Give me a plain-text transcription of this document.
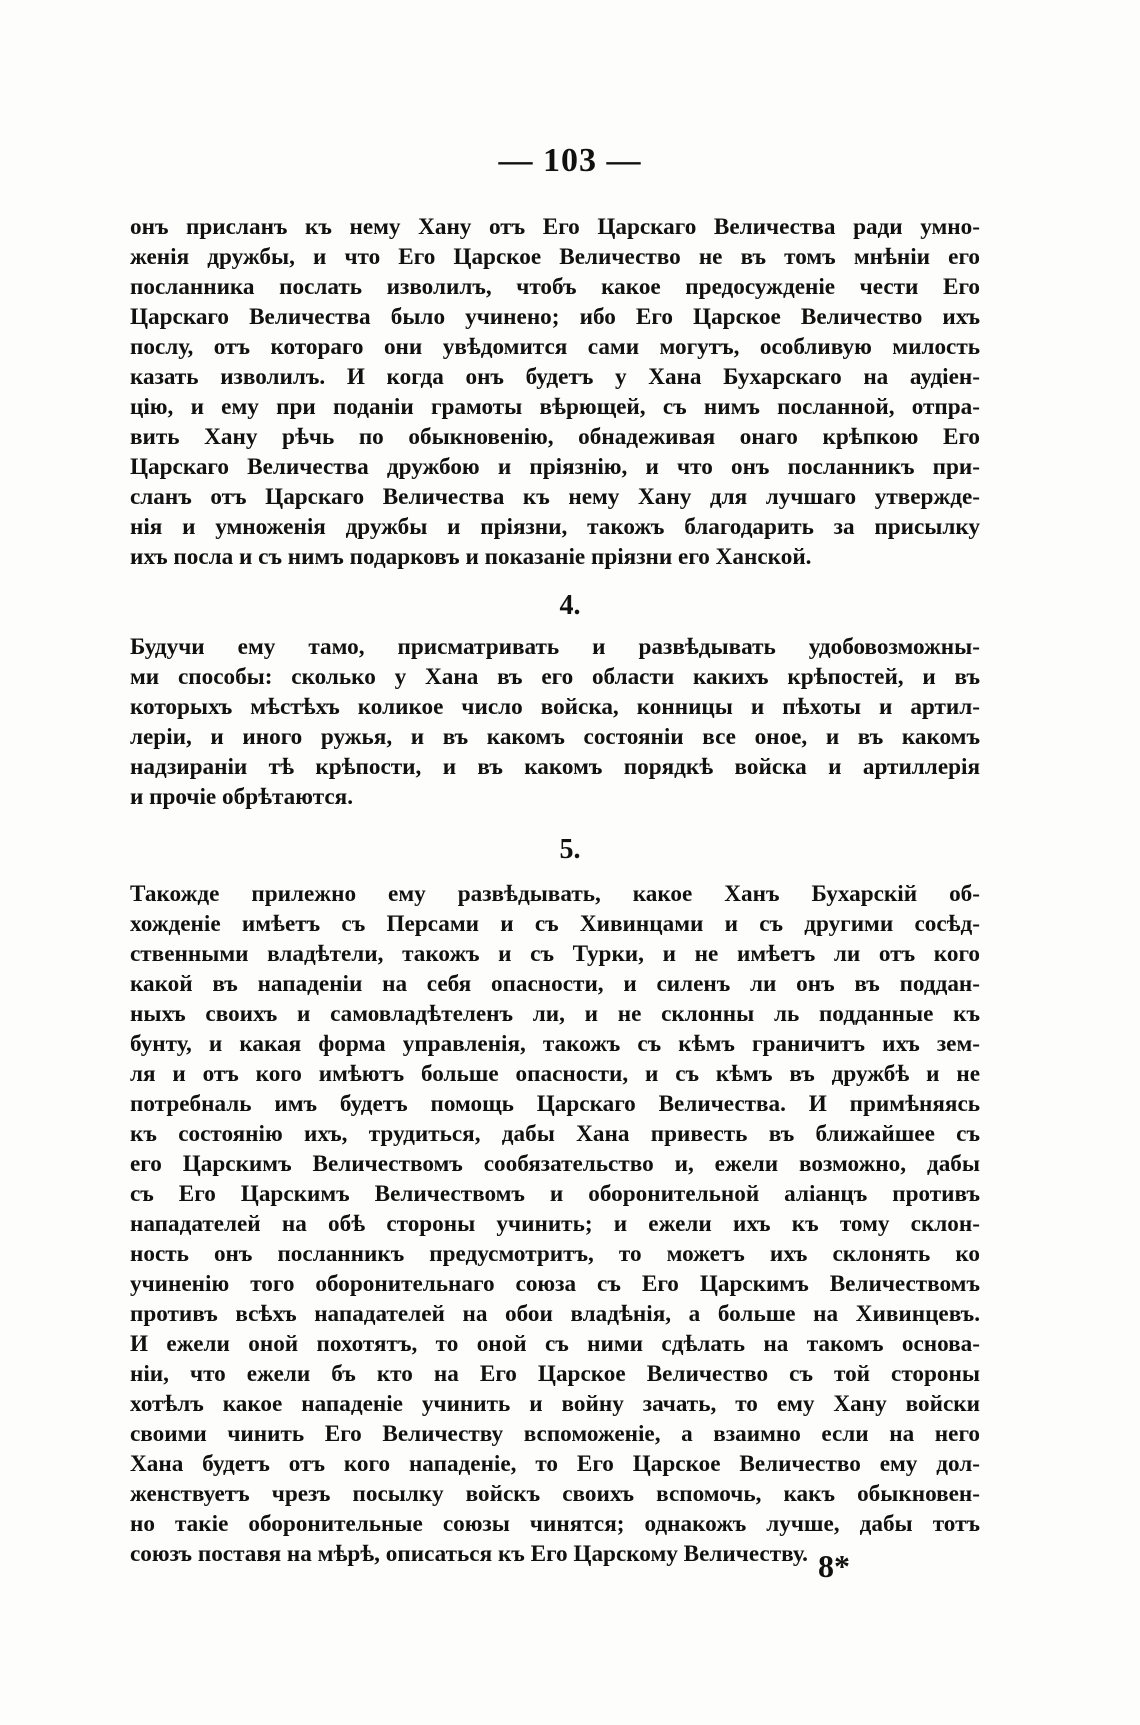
— 103 —

онъ присланъ къ нему Хану отъ Его Царскаго Величества ради умно-

женія дружбы, и что Его Царское Величество не въ томъ мнѣніи его

посланника послать изволилъ, чтобъ какое предосужденіе чести Его

Царскаго Величества было учинено; ибо Его Царское Величество ихъ

послу, отъ котораго они увѣдомится сами могутъ, особливую милость

казать изволилъ. И когда онъ будетъ у Хана Бухарскаго на аудіен-

цію, и ему при поданіи грамоты вѣрющей, съ нимъ посланной, отпра-

вить Хану рѣчь по обыкновенію, обнадеживая онаго крѣпкою Его

Царскаго Величества дружбою и пріязнію, и что онъ посланникъ при-

сланъ отъ Царскаго Величества къ нему Хану для лучшаго утвержде-

нія и умноженія дружбы и пріязни, такожъ благодарить за присылку

ихъ посла и съ нимъ подарковъ и показаніе пріязни его Ханской.

4.

Будучи ему тамо, присматривать и развѣдывать удобовозможны-

ми способы: сколько у Хана въ его области какихъ крѣпостей, и въ

которыхъ мѣстѣхъ коликое число войска, конницы и пѣхоты и артил-

леріи, и иного ружья, и въ какомъ состояніи все оное, и въ какомъ

надзираніи тѣ крѣпости, и въ какомъ порядкѣ войска и артиллерія

и прочіе обрѣтаются.

5.

Такожде прилежно ему развѣдывать, какое Ханъ Бухарскій об-

хожденіе имѣетъ съ Персами и съ Хивинцами и съ другими сосѣд-

ственными владѣтели, такожъ и съ Турки, и не имѣетъ ли отъ кого

какой въ нападеніи на себя опасности, и силенъ ли онъ въ поддан-

ныхъ своихъ и самовладѣтеленъ ли, и не склонны ль подданные къ

бунту, и какая форма управленія, такожъ съ кѣмъ граничитъ ихъ зем-

ля и отъ кого имѣютъ больше опасности, и съ кѣмъ въ дружбѣ и не

потребналь имъ будетъ помощь Царскаго Величества. И примѣняясь

къ состоянію ихъ, трудиться, дабы Хана привесть въ ближайшее съ

его Царскимъ Величествомъ сообязательство и, ежели возможно, дабы

съ Его Царскимъ Величествомъ и оборонительной аліанцъ противъ

нападателей на обѣ стороны учинить; и ежели ихъ къ тому склон-

ность онъ посланникъ предусмотритъ, то можетъ ихъ склонять ко

учиненію того оборонительнаго союза съ Его Царскимъ Величествомъ

противъ всѣхъ нападателей на обои владѣнія, а больше на Хивинцевъ.

И ежели оной похотятъ, то оной съ ними сдѣлать на такомъ основа-

ніи, что ежели бъ кто на Его Царское Величество съ той стороны

хотѣлъ какое нападеніе учинить и войну зачать, то ему Хану войски

своими чинить Его Величеству вспоможеніе, а взаимно если на него

Хана будетъ отъ кого нападеніе, то Его Царское Величество ему дол-

женствуетъ чрезъ посылку войскъ своихъ вспомочь, какъ обыкновен-

но такіе оборонительные союзы чинятся; однакожъ лучше, дабы тотъ

союзъ поставя на мѣрѣ, описаться къ Его Царскому Величеству. 8*
